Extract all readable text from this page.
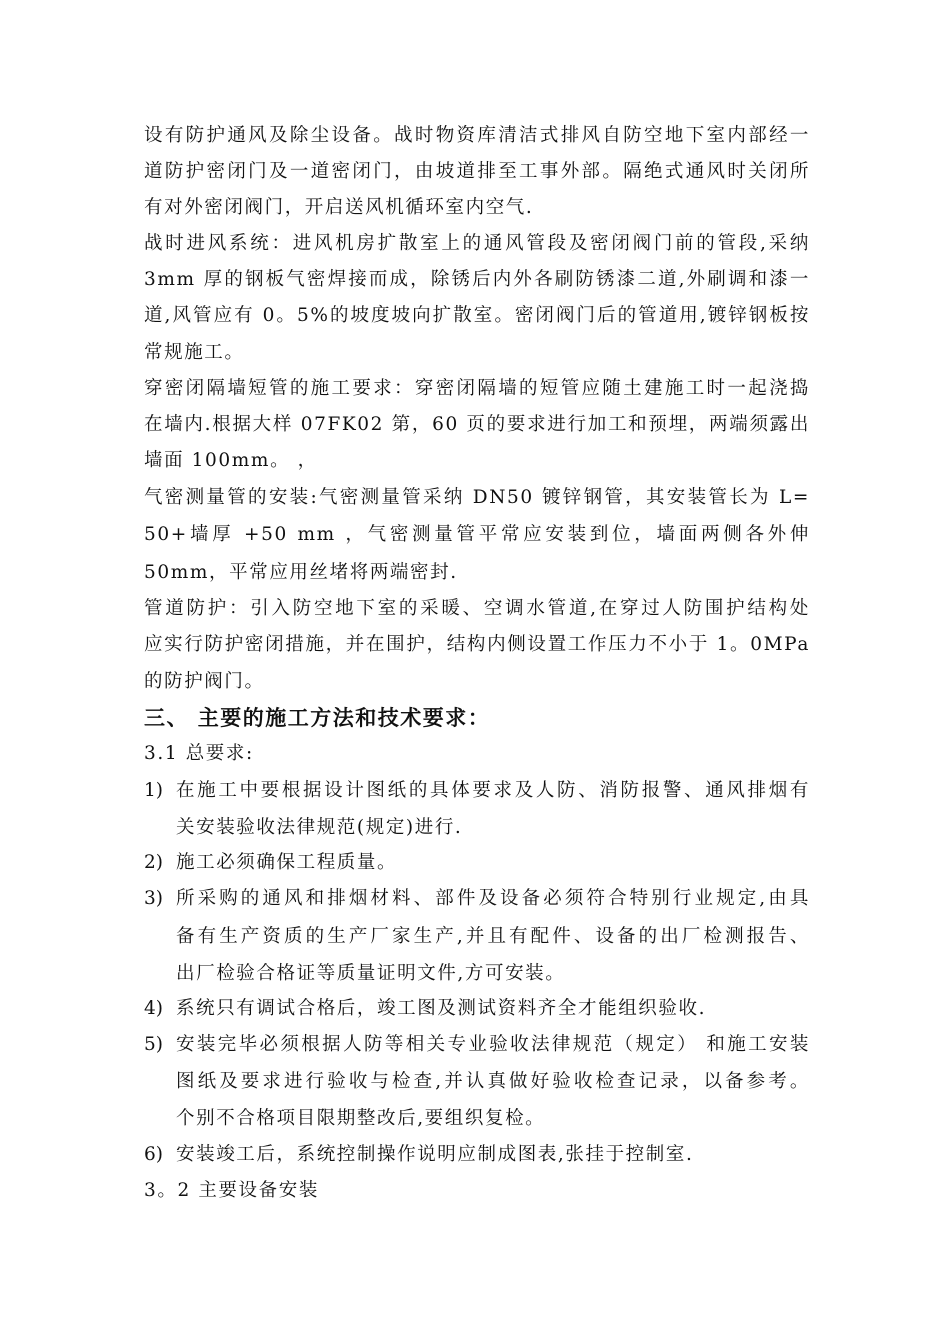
设有防护通风及除尘设备。战时物资库清洁式排风自防空地下室内部经一
道防护密闭门及一道密闭门，由坡道排至工事外部。隔绝式通风时关闭所
有对外密闭阀门，开启送风机循环室内空气.
战时进风系统：进风机房扩散室上的通风管段及密闭阀门前的管段,采纳
3mm 厚的钢板气密焊接而成，除锈后内外各刷防锈漆二道,外刷调和漆一
道,风管应有 0。5%的坡度坡向扩散室。密闭阀门后的管道用,镀锌钢板按
常规施工。
穿密闭隔墙短管的施工要求：穿密闭隔墙的短管应随土建施工时一起浇捣
在墙内.根据大样 07FK02 第，60 页的要求进行加工和预埋，两端须露出
墙面 100mm。 ，
气密测量管的安装:气密测量管采纳 DN50 镀锌钢管，其安装管长为 L=
50+墙厚 +50 mm ，气密测量管平常应安装到位，墙面两侧各外伸
50mm，平常应用丝堵将两端密封.
管道防护：引入防空地下室的采暖、空调水管道,在穿过人防围护结构处
应实行防护密闭措施，并在围护，结构内侧设置工作压力不小于 1。0MPa
的防护阀门。
三、 主要的施工方法和技术要求：
3.1 总要求:
1) 在施工中要根据设计图纸的具体要求及人防、消防报警、通风排烟有
关安装验收法律规范(规定)进行.
2) 施工必须确保工程质量。
3) 所采购的通风和排烟材料、部件及设备必须符合特别行业规定,由具
备有生产资质的生产厂家生产,并且有配件、设备的出厂检测报告、
出厂检验合格证等质量证明文件,方可安装。
4) 系统只有调试合格后，竣工图及测试资料齐全才能组织验收.
5) 安装完毕必须根据人防等相关专业验收法律规范（规定） 和施工安装
图纸及要求进行验收与检查,并认真做好验收检查记录，以备参考。
个别不合格项目限期整改后,要组织复检。
6) 安装竣工后，系统控制操作说明应制成图表,张挂于控制室.
3。2 主要设备安装
